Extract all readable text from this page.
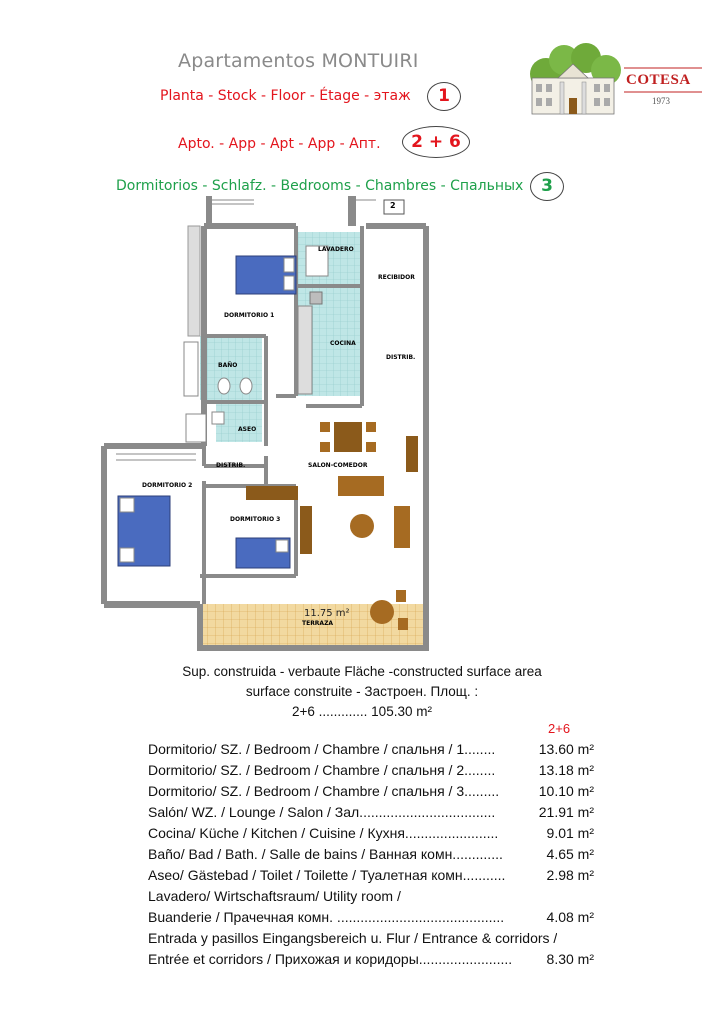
Apartamentos MONTUIRI
Planta - Stock - Floor - Étage - этаж	1
Apto. - App - Apt - App - Апт.	2 + 6
Dormitorios - Schlafz. - Bedrooms - Chambres - Спальных	3
COTESA
1973
LAVADERO
RECIBIDOR
DORMITORIO 1
COCINA
DISTRIB.
BAÑO
ASEO
DISTRIB.	SALON-COMEDOR
DORMITORIO 2
DORMITORIO 3
TERRAZA
11.75 m²
2
Sup. construida - verbaute Fläche -constructed surface area
surface construite - Застроен. Площ. :
2+6 ............. 105.30 m²
2+6
Dormitorio/ SZ. / Bedroom / Chambre / спальня / 1........	13.60 m²
Dormitorio/ SZ. / Bedroom / Chambre / спальня / 2........	13.18 m²
Dormitorio/ SZ. / Bedroom / Chambre / спальня / 3.........	10.10 m²
Salón/ WZ. / Lounge / Salon / Зал...................................	21.91 m²
Cocina/ Küche / Kitchen / Cuisine / Кухня........................	9.01 m²
Baño/ Bad / Bath. / Salle de bains / Ванная комн.............	4.65 m²
Aseo/ Gästebad / Toilet / Toilette / Туалетная комн...........	2.98 m²
Lavadero/ Wirtschaftsraum/ Utility room /
Buanderie / Прачечная комн. ...........................................	4.08 m²
Entrada y pasillos Eingangsbereich u. Flur / Entrance & corridors /
Entrée et corridors / Прихожая и коридоры........................ 8.30 m²
